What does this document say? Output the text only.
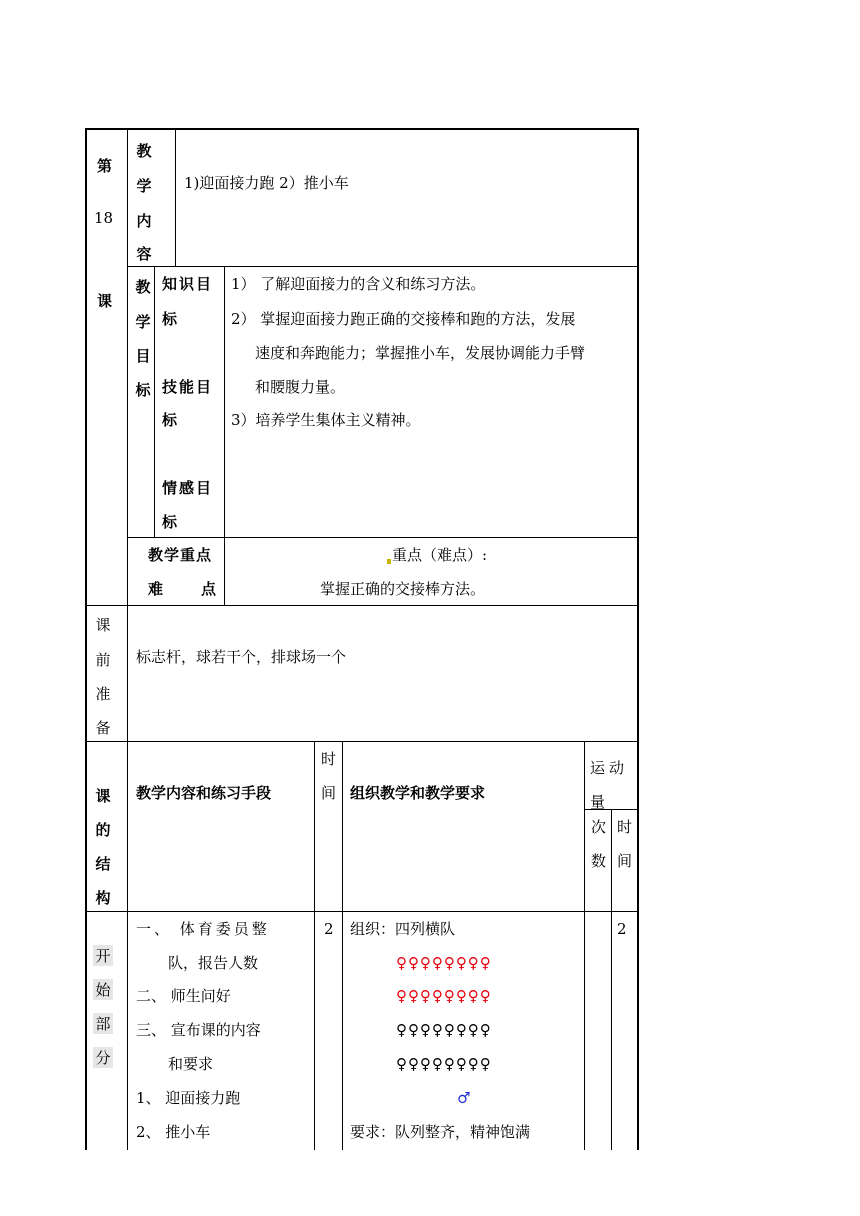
第
18
课
教
学
内
容
1)迎面接力跑 2）推小车
教
学
目
标
知识目
标
技能目
标
情感目
标
1） 了解迎面接力的含义和练习方法。
2） 掌握迎面接力跑正确的交接棒和跑的方法，发展
速度和奔跑能力；掌握推小车，发展协调能力手臂
和腰腹力量。
3）培养学生集体主义精神。
教学重点
难	点
重点（难点）:
掌握正确的交接棒方法。
课
前
准
备
标志杆，球若干个，排球场一个
课
的
结
构
教学内容和练习手段
时
间 组织教学和教学要求
运动量
次
数
时
间
开
始
部
分
一、 体育委员整
队，报告人数
二、 师生问好
三、 宣布课的内容
和要求
1、 迎面接力跑
2、 推小车
2 组织：四列横队
♀♀♀♀♀♀♀♀
♀♀♀♀♀♀♀♀
♀♀♀♀♀♀♀♀
♀♀♀♀♀♀♀♀
♂
要求：队列整齐，精神饱满
2
